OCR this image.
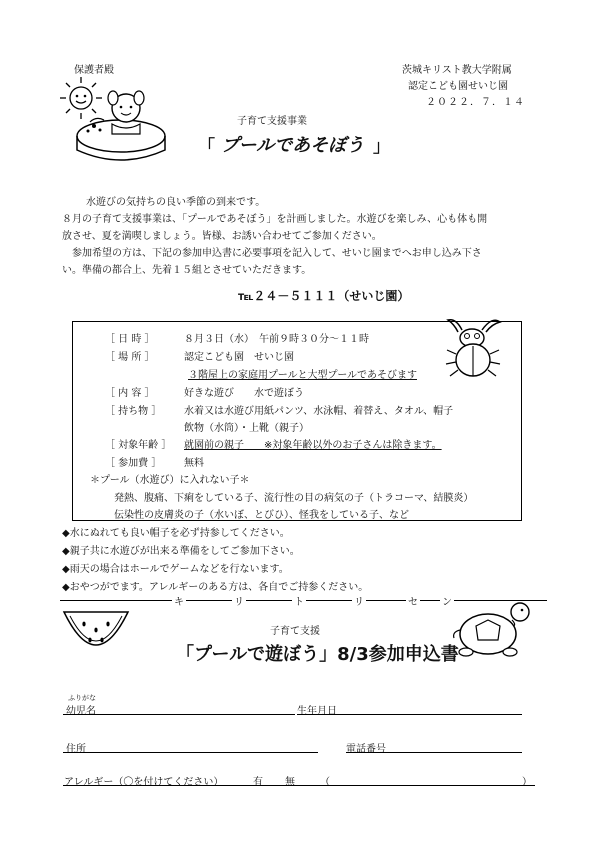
保護者殿	茨城キリスト教大学附属
認定こども園せいじ園
２０２２．７．１４
子育て支援事業
「 プールであそぼう 」
水遊びの気持ちの良い季節の到来です。
８月の子育て支援事業は、「プールであそぼう」を計画しました。水遊びを楽しみ、心も体も開
放させ、夏を満喫しましょう。皆様、お誘い合わせてご参加ください。
参加希望の方は、下記の参加申込書に必要事項を記入して、せいじ園までへお申し込み下さ
い。準備の都合上、先着１５組とさせていただきます。
℡２４－５１１１（せいじ園）
［ 日 時 ］	８月３日（水）　午前９時３０分～１１時
［ 場 所 ］	認定こども園　せいじ園
３階屋上の家庭用プールと大型プールであそびます
［ 内 容 ］	好きな遊び　　水で遊ぼう
［ 持ち物 ］ 水着又は水遊び用紙パンツ、水泳帽、着替え、タオル、帽子
飲物（水筒）・上靴（親子）
［ 対象年齢 ］ 就園前の親子　　※対象年齢以外のお子さんは除きます。
［ 参加費 ］ 無料
＊プール（水遊び）に入れない子＊
発熱、腹痛、下痢をしている子、流行性の目の病気の子（トラコーマ、結膜炎）
伝染性の皮膚炎の子（水いぼ、とびひ）、怪我をしている子、など
◆水にぬれても良い帽子を必ず持参してください。
◆親子共に水遊びが出来る準備をしてご参加下さい。
◆雨天の場合はホールでゲームなどを行ないます。
◆おやつがでます。アレルギーのある方は、各自でご持参ください。
キ	リ	ト	リ	セ ン
子育て支援
「プールで遊ぼう」8/3参加申込書
ふりがな
幼児名	生年月日
住所	電話番号
アレルギー（〇を付けてください）	有 無	（	）
